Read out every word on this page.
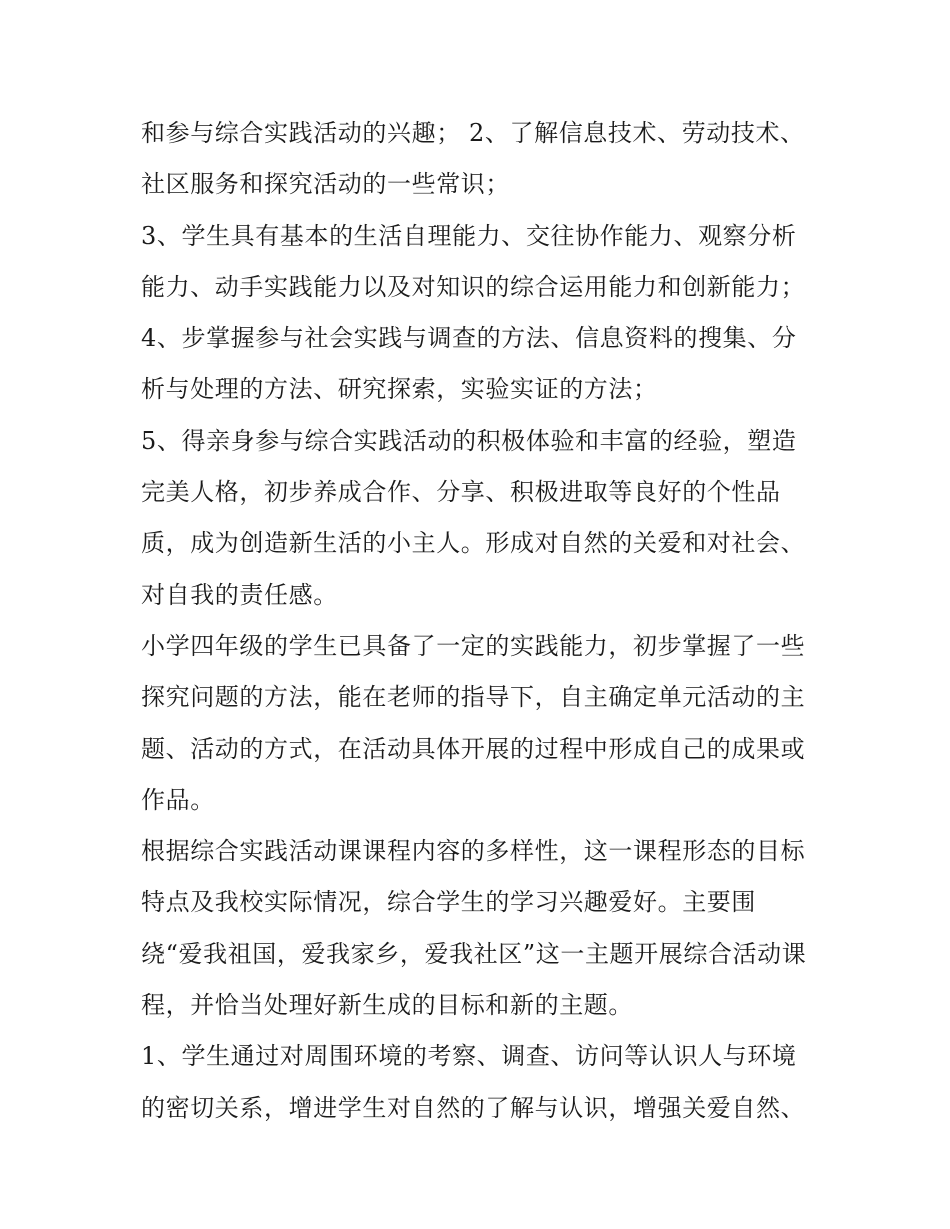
和参与综合实践活动的兴趣； 2、了解信息技术、劳动技术、
社区服务和探究活动的一些常识；
3、学生具有基本的生活自理能力、交往协作能力、观察分析
能力、动手实践能力以及对知识的综合运用能力和创新能力；
4、步掌握参与社会实践与调查的方法、信息资料的搜集、分
析与处理的方法、研究探索，实验实证的方法；
5、得亲身参与综合实践活动的积极体验和丰富的经验，塑造
完美人格，初步养成合作、分享、积极进取等良好的个性品
质，成为创造新生活的小主人。形成对自然的关爱和对社会、
对自我的责任感。
小学四年级的学生已具备了一定的实践能力，初步掌握了一些
探究问题的方法，能在老师的指导下，自主确定单元活动的主
题、活动的方式，在活动具体开展的过程中形成自己的成果或
作品。
根据综合实践活动课课程内容的多样性，这一课程形态的目标
特点及我校实际情况，综合学生的学习兴趣爱好。主要围
绕“爱我祖国，爱我家乡，爱我社区”这一主题开展综合活动课
程，并恰当处理好新生成的目标和新的主题。
1、学生通过对周围环境的考察、调查、访问等认识人与环境
的密切关系，增进学生对自然的了解与认识，增强关爱自然、
